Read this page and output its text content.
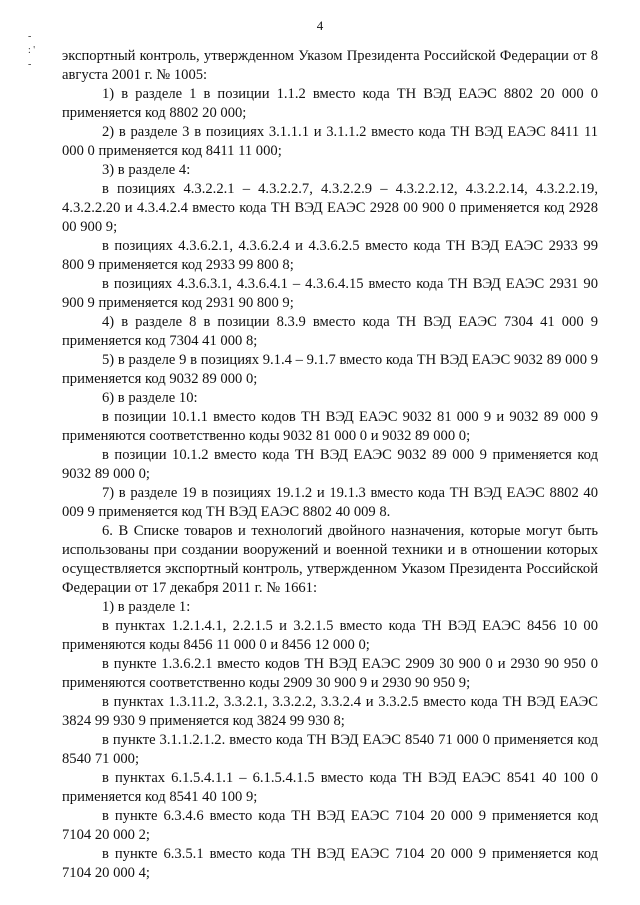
4
-
: '
-

экспортный контроль, утвержденном Указом Президента Российской Федерации от 8 августа 2001 г. № 1005:

1) в разделе 1 в позиции 1.1.2 вместо кода ТН ВЭД ЕАЭС 8802 20 000 0 применяется код 8802 20 000;

2) в разделе 3 в позициях 3.1.1.1 и 3.1.1.2 вместо кода ТН ВЭД ЕАЭС 8411 11 000 0 применяется код 8411 11 000;

3) в разделе 4:

в позициях 4.3.2.2.1 – 4.3.2.2.7, 4.3.2.2.9 – 4.3.2.2.12, 4.3.2.2.14, 4.3.2.2.19, 4.3.2.2.20 и 4.3.4.2.4 вместо кода ТН ВЭД ЕАЭС 2928 00 900 0 применяется код 2928 00 900 9;

в позициях 4.3.6.2.1, 4.3.6.2.4 и 4.3.6.2.5 вместо кода ТН ВЭД ЕАЭС 2933 99 800 9 применяется код 2933 99 800 8;

в позициях 4.3.6.3.1, 4.3.6.4.1 – 4.3.6.4.15 вместо кода ТН ВЭД ЕАЭС 2931 90 900 9 применяется код 2931 90 800 9;

4) в разделе 8 в позиции 8.3.9 вместо кода ТН ВЭД ЕАЭС 7304 41 000 9 применяется код 7304 41 000 8;

5) в разделе 9 в позициях 9.1.4 – 9.1.7 вместо кода ТН ВЭД ЕАЭС 9032 89 000 9 применяется код 9032 89 000 0;

6) в разделе 10:

в позиции 10.1.1 вместо кодов ТН ВЭД ЕАЭС 9032 81 000 9 и 9032 89 000 9 применяются соответственно коды 9032 81 000 0 и 9032 89 000 0;

в позиции 10.1.2 вместо кода ТН ВЭД ЕАЭС 9032 89 000 9 применяется код 9032 89 000 0;

7) в разделе 19 в позициях 19.1.2 и 19.1.3 вместо кода ТН ВЭД ЕАЭС 8802 40 009 9 применяется код ТН ВЭД ЕАЭС 8802 40 009 8.

6. В Списке товаров и технологий двойного назначения, которые могут быть использованы при создании вооружений и военной техники и в отношении которых осуществляется экспортный контроль, утвержденном Указом Президента Российской Федерации от 17 декабря 2011 г. № 1661:

1) в разделе 1:

в пунктах 1.2.1.4.1, 2.2.1.5 и 3.2.1.5 вместо кода ТН ВЭД ЕАЭС 8456 10 00 применяются коды 8456 11 000 0 и 8456 12 000 0;

в пункте 1.3.6.2.1 вместо кодов ТН ВЭД ЕАЭС 2909 30 900 0 и 2930 90 950 0 применяются соответственно коды 2909 30 900 9 и 2930 90 950 9;

в пунктах 1.3.11.2, 3.3.2.1, 3.3.2.2, 3.3.2.4 и 3.3.2.5 вместо кода ТН ВЭД ЕАЭС 3824 99 930 9 применяется код 3824 99 930 8;

в пункте 3.1.1.2.1.2. вместо кода ТН ВЭД ЕАЭС 8540 71 000 0 применяется код 8540 71 000;

в пунктах 6.1.5.4.1.1 – 6.1.5.4.1.5 вместо кода ТН ВЭД ЕАЭС 8541 40 100 0 применяется код 8541 40 100 9;

в пункте 6.3.4.6 вместо кода ТН ВЭД ЕАЭС 7104 20 000 9 применяется код 7104 20 000 2;

в пункте 6.3.5.1 вместо кода ТН ВЭД ЕАЭС 7104 20 000 9 применяется код 7104 20 000 4;
